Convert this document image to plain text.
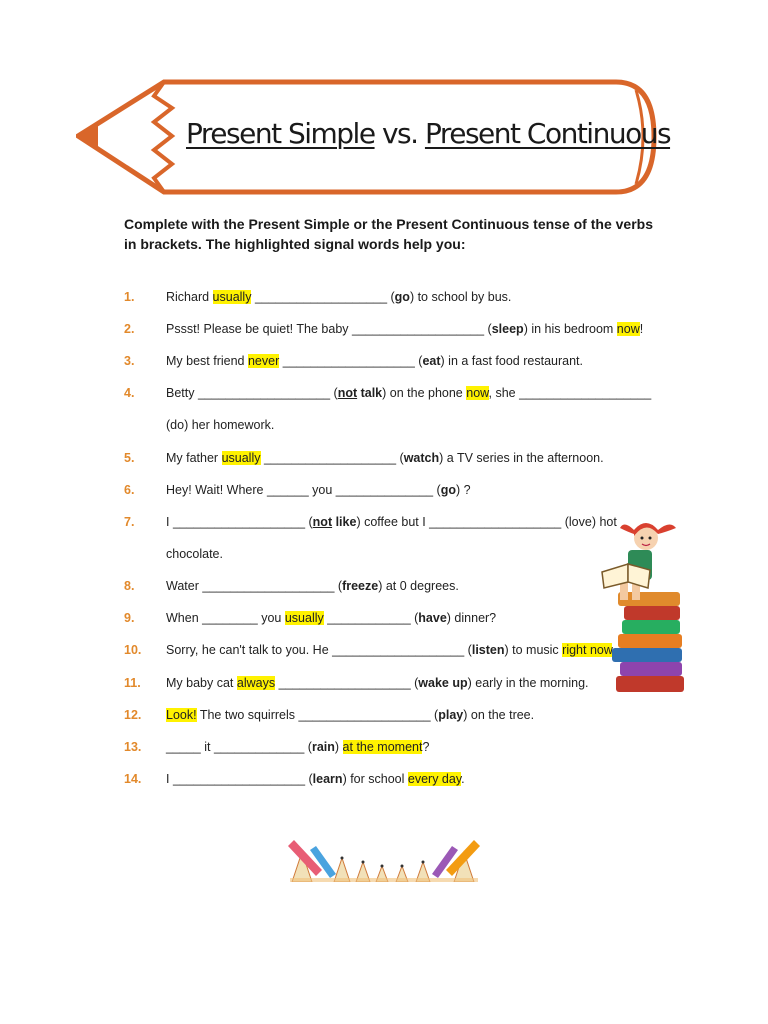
Present Simple vs. Present Continuous
Complete with the Present Simple or the Present Continuous tense of the verbs in brackets. The highlighted signal words help you:
1.	Richard usually ___________________ (go) to school by bus.
2.	Pssst! Please be quiet! The baby ___________________ (sleep) in his bedroom now!
3.	My best friend never ___________________ (eat) in a fast food restaurant.
4.	Betty ___________________ (not talk) on the phone now, she ___________________
(do) her homework.
5.	My father usually ___________________ (watch) a TV series in the afternoon.
6.	Hey! Wait! Where ______ you ______________ (go) ?
7.	I ___________________ (not like) coffee but I ___________________ (love) hot
chocolate.
8.	Water ___________________ (freeze) at 0 degrees.
9.	When ________ you usually ____________ (have) dinner?
10. Sorry, he can't talk to you. He ___________________ (listen) to music right now
11. My baby cat always ___________________ (wake up) early in the morning.
12. Look! The two squirrels ___________________ (play) on the tree.
13. _____ it _____________ (rain) at the moment?
14. I ___________________ (learn) for school every day.
